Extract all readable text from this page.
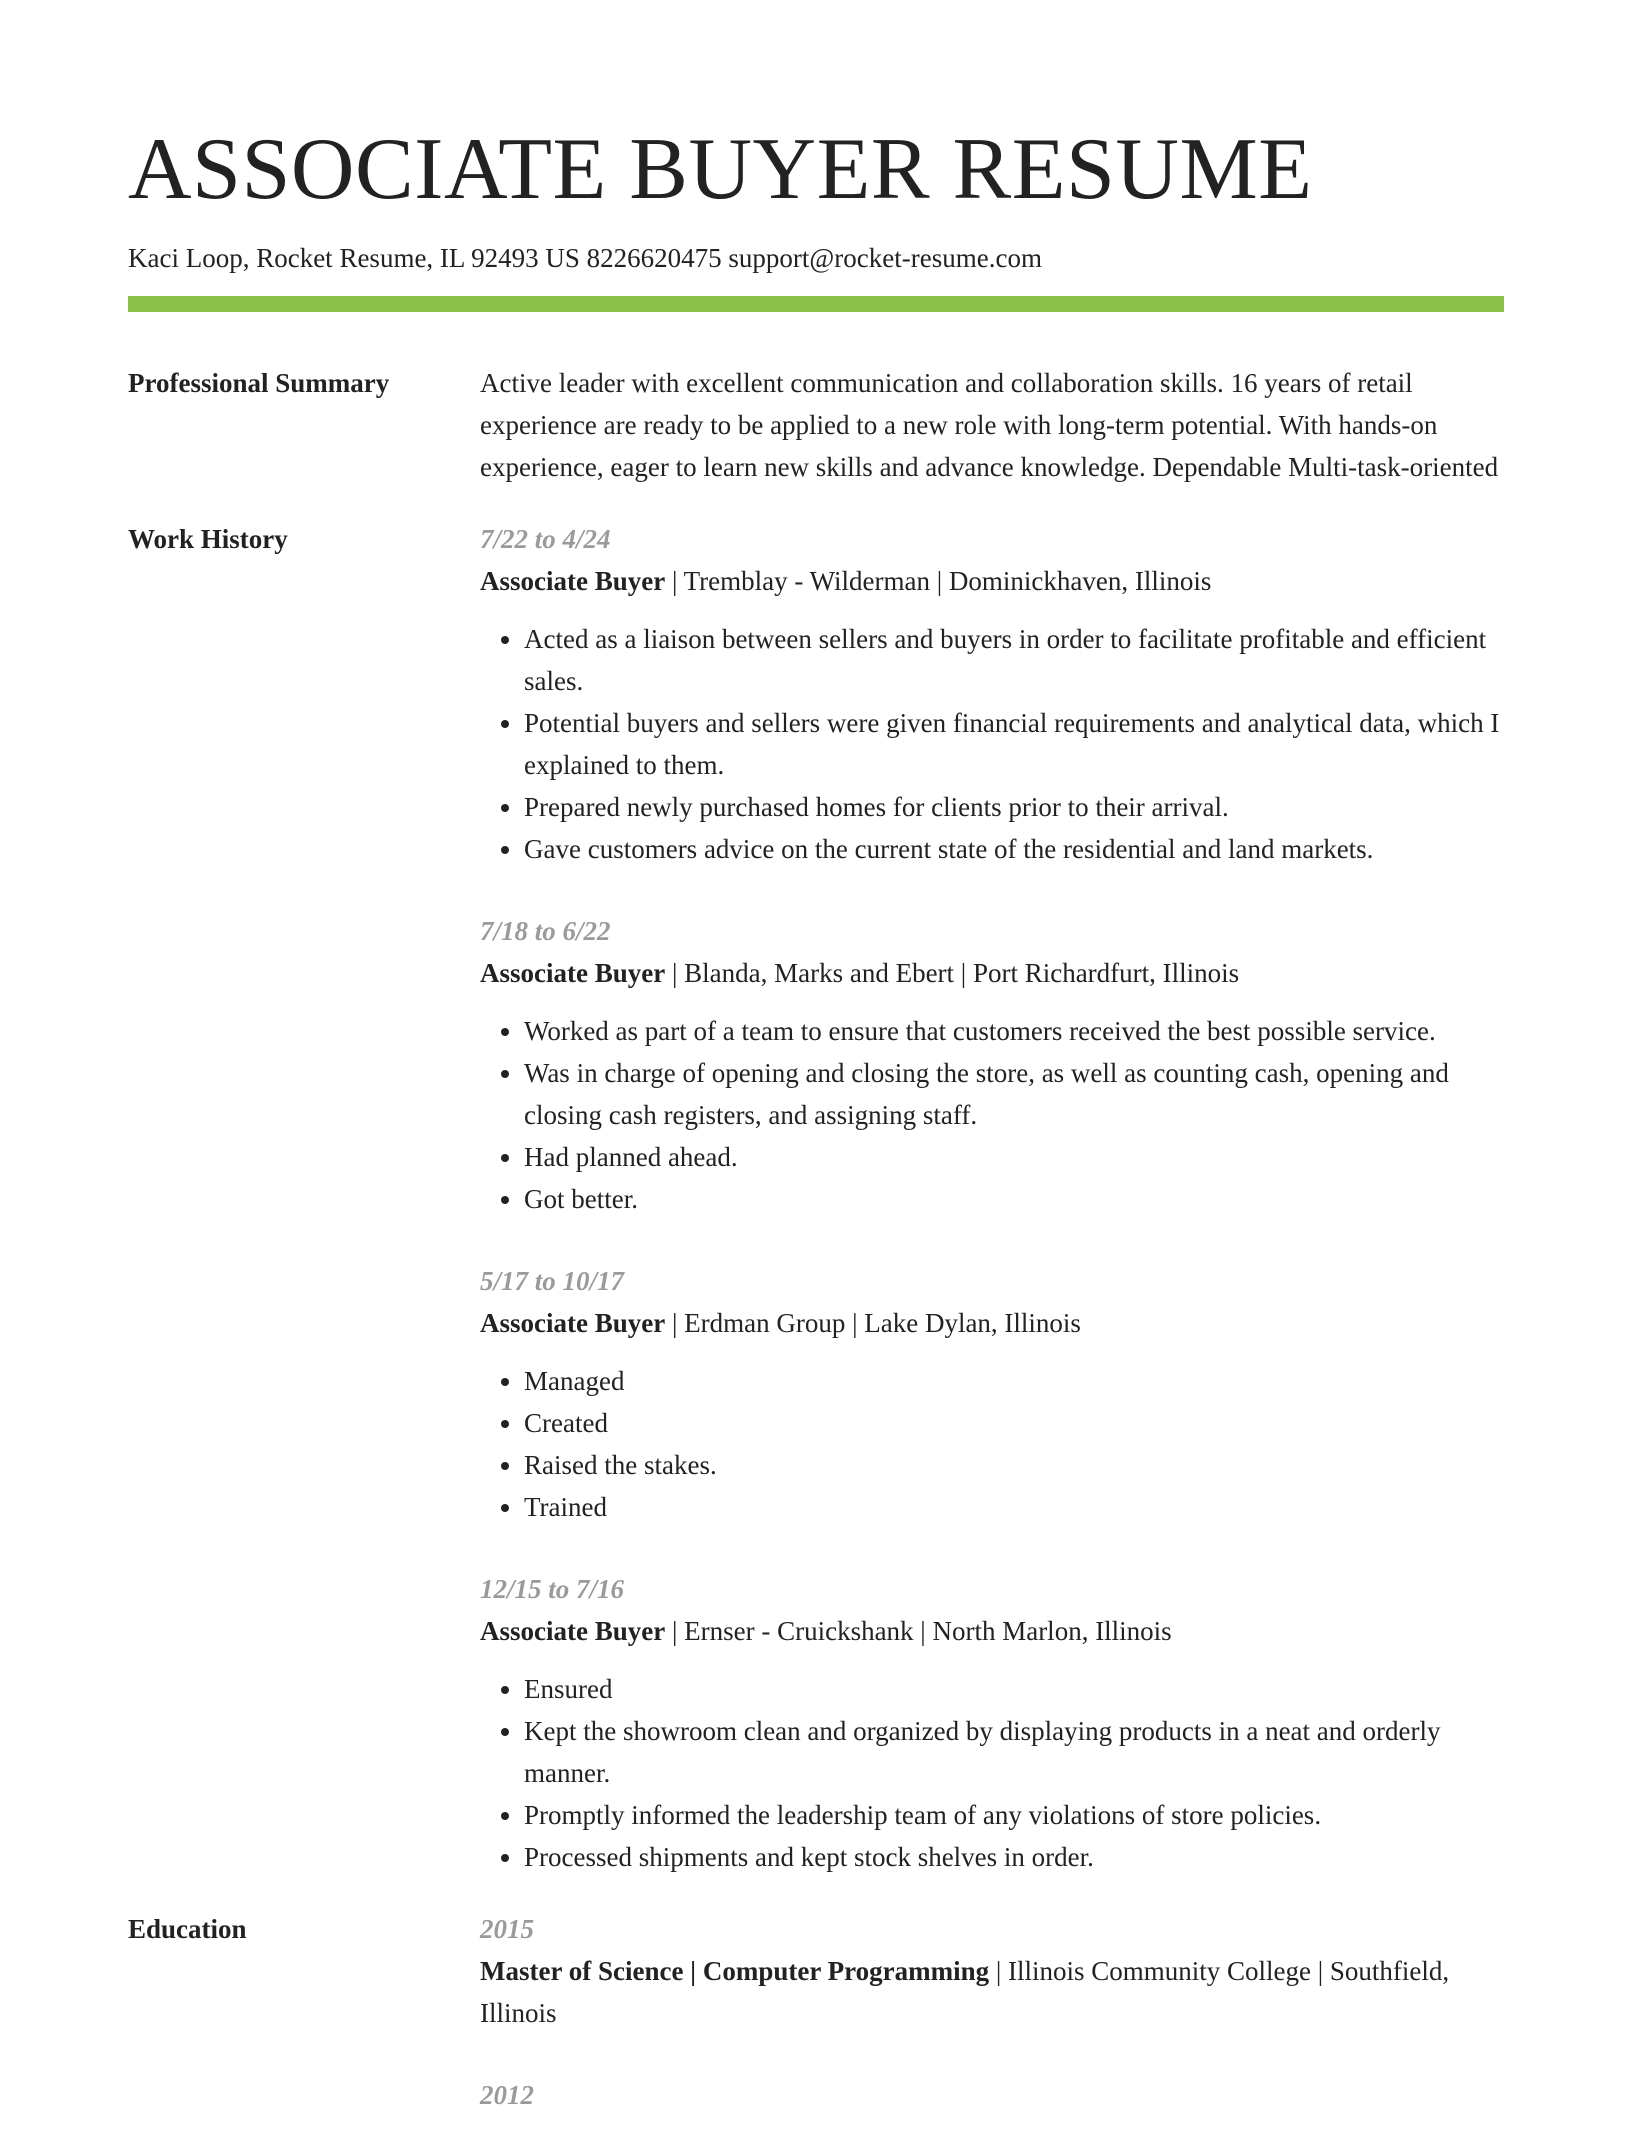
ASSOCIATE BUYER RESUME
Kaci Loop, Rocket Resume, IL 92493 US 8226620475 support@rocket-resume.com
Professional Summary	Active leader with excellent communication and collaboration skills. 16 years of retail experience are ready to be applied to a new role with long-term potential. With hands-on experience, eager to learn new skills and advance knowledge. Dependable Multi-task-oriented

Work History	7/22 to 4/24
Associate Buyer | Tremblay - Wilderman | Dominickhaven, Illinois
• Acted as a liaison between sellers and buyers in order to facilitate profitable and efficient sales.
• Potential buyers and sellers were given financial requirements and analytical data, which I explained to them.
• Prepared newly purchased homes for clients prior to their arrival.
• Gave customers advice on the current state of the residential and land markets.
7/18 to 6/22
Associate Buyer | Blanda, Marks and Ebert | Port Richardfurt, Illinois
• Worked as part of a team to ensure that customers received the best possible service.
• Was in charge of opening and closing the store, as well as counting cash, opening and closing cash registers, and assigning staff.
• Had planned ahead.
• Got better.
5/17 to 10/17
Associate Buyer | Erdman Group | Lake Dylan, Illinois
• Managed
• Created
• Raised the stakes.
• Trained
12/15 to 7/16
Associate Buyer | Ernser - Cruickshank | North Marlon, Illinois
• Ensured
• Kept the showroom clean and organized by displaying products in a neat and orderly manner.
• Promptly informed the leadership team of any violations of store policies.
• Processed shipments and kept stock shelves in order.
Education	2015
Master of Science | Computer Programming | Illinois Community College | Southfield, Illinois
2012
